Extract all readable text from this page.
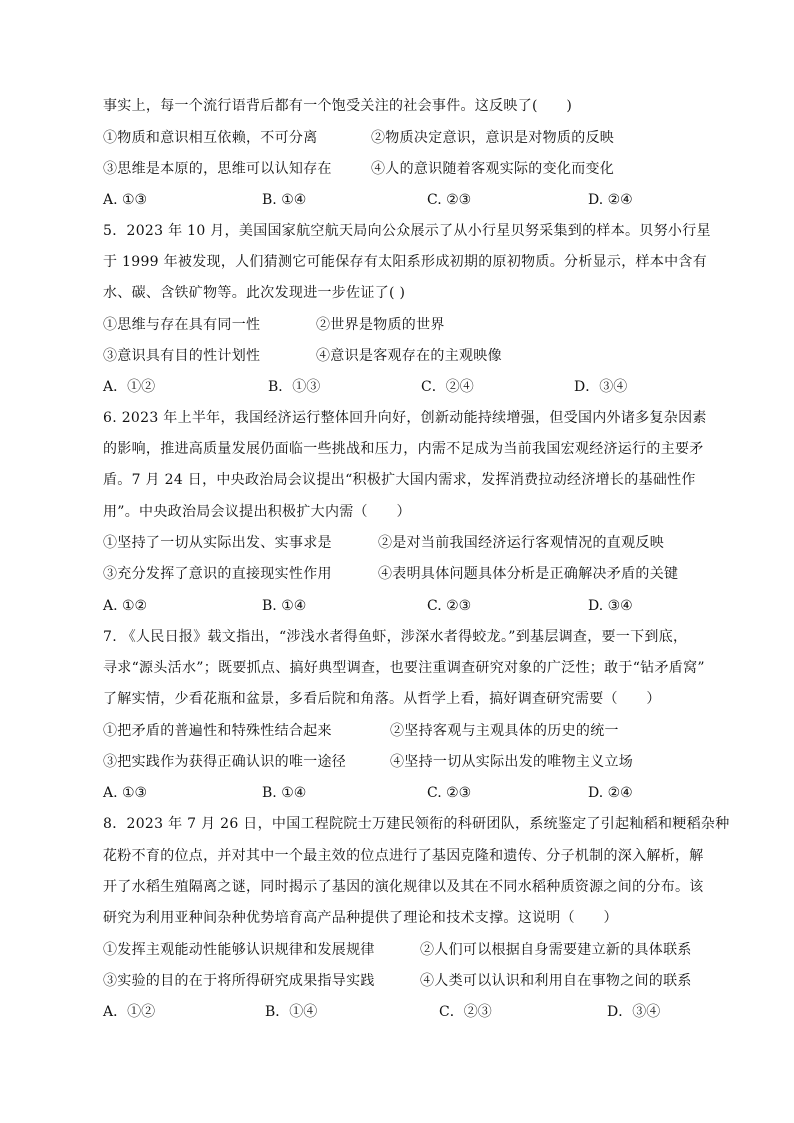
事实上，每一个流行语背后都有一个饱受关注的社会事件。这反映了(　　)
①物质和意识相互依赖，不可分离	②物质决定意识，意识是对物质的反映
③思维是本原的，思维可以认知存在	④人的意识随着客观实际的变化而变化
A. ①③	B. ①④	C. ②③	D. ②④
5．2023 年 10 月，美国国家航空航天局向公众展示了从小行星贝努采集到的样本。贝努小行星
于 1999 年被发现，人们猜测它可能保存有太阳系形成初期的原初物质。分析显示，样本中含有
水、碳、含铁矿物等。此次发现进一步佐证了( )
①思维与存在具有同一性	②世界是物质的世界
③意识具有目的性计划性	④意识是客观存在的主观映像
A．①②	B．①③	C．②④	D．③④
6. 2023 年上半年，我国经济运行整体回升向好，创新动能持续增强，但受国内外诸多复杂因素
的影响，推进高质量发展仍面临一些挑战和压力，内需不足成为当前我国宏观经济运行的主要矛
盾。7 月 24 日，中央政治局会议提出“积极扩大国内需求，发挥消费拉动经济增长的基础性作
用”。中央政治局会议提出积极扩大内需（　　）
①坚持了一切从实际出发、实事求是	②是对当前我国经济运行客观情况的直观反映
③充分发挥了意识的直接现实性作用	④表明具体问题具体分析是正确解决矛盾的关键
A. ①②	B. ①④	C. ②③	D. ③④
7. 《人民日报》载文指出，“涉浅水者得鱼虾，涉深水者得蛟龙。”到基层调查，要一下到底，
寻求“源头活水”；既要抓点、搞好典型调查，也要注重调查研究对象的广泛性；敢于“钻矛盾窝”
了解实情，少看花瓶和盆景，多看后院和角落。从哲学上看，搞好调查研究需要（　　）
①把矛盾的普遍性和特殊性结合起来	②坚持客观与主观具体的历史的统一
③把实践作为获得正确认识的唯一途径	④坚持一切从实际出发的唯物主义立场
A. ①③	B. ①④	C. ②③	D. ②④
8．2023 年 7 月 26 日，中国工程院院士万建民领衔的科研团队，系统鉴定了引起籼稻和粳稻杂种
花粉不育的位点，并对其中一个最主效的位点进行了基因克隆和遗传、分子机制的深入解析，解
开了水稻生殖隔离之谜，同时揭示了基因的演化规律以及其在不同水稻种质资源之间的分布。该
研究为利用亚种间杂种优势培育高产品种提供了理论和技术支撑。这说明（　　）
①发挥主观能动性能够认识规律和发展规律	②人们可以根据自身需要建立新的具体联系
③实验的目的在于将所得研究成果指导实践	④人类可以认识和利用自在事物之间的联系
A．①②	B．①④	C．②③	D．③④
